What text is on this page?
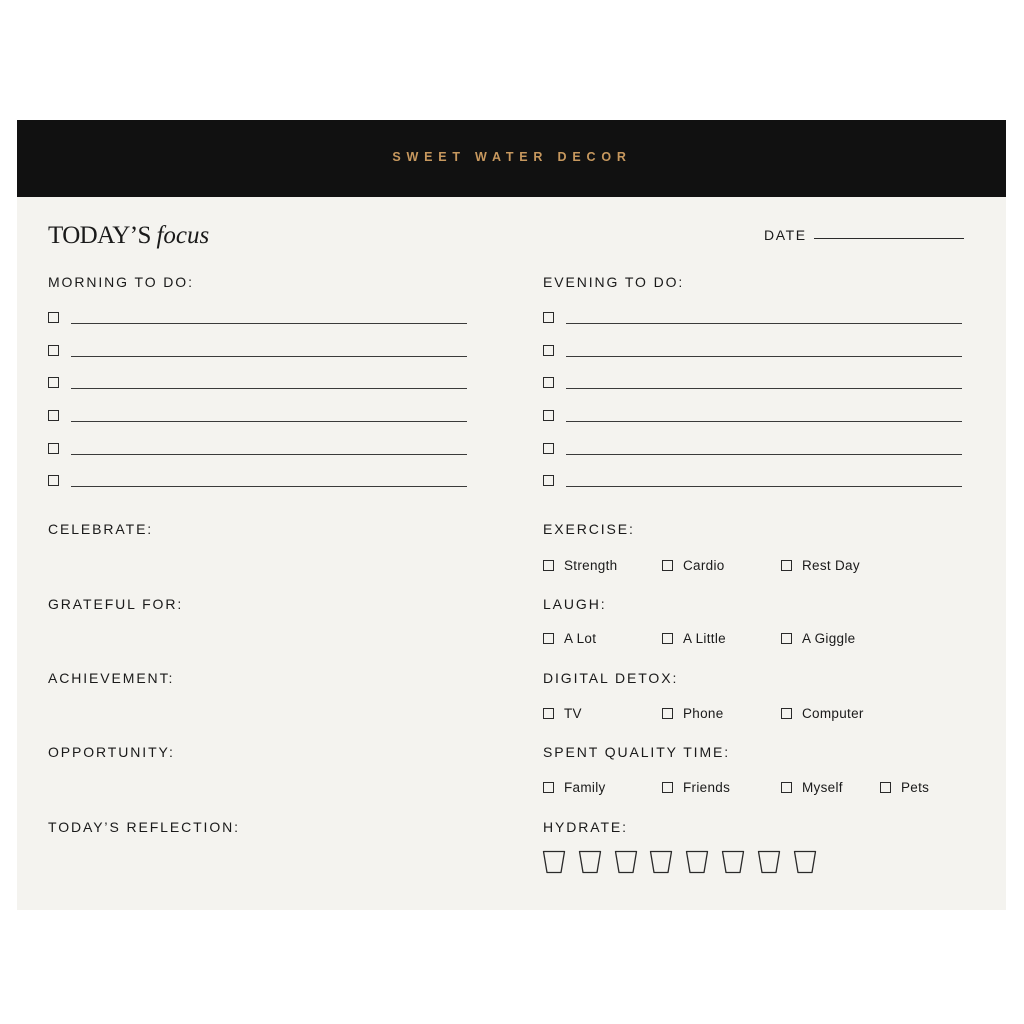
SWEET WATER DECOR
TODAY’S focus	DATE
MORNING TO DO:	EVENING TO DO:
CELEBRATE:
GRATEFUL FOR:
ACHIEVEMENT:
OPPORTUNITY:
TODAY’S REFLECTION:
EXERCISE:
LAUGH:
DIGITAL DETOX:
SPENT QUALITY TIME:
HYDRATE:
Strength	Cardio	Rest Day
A Lot	A Little	A Giggle
TV	Phone	Computer
Family	Friends	Myself	Pets
